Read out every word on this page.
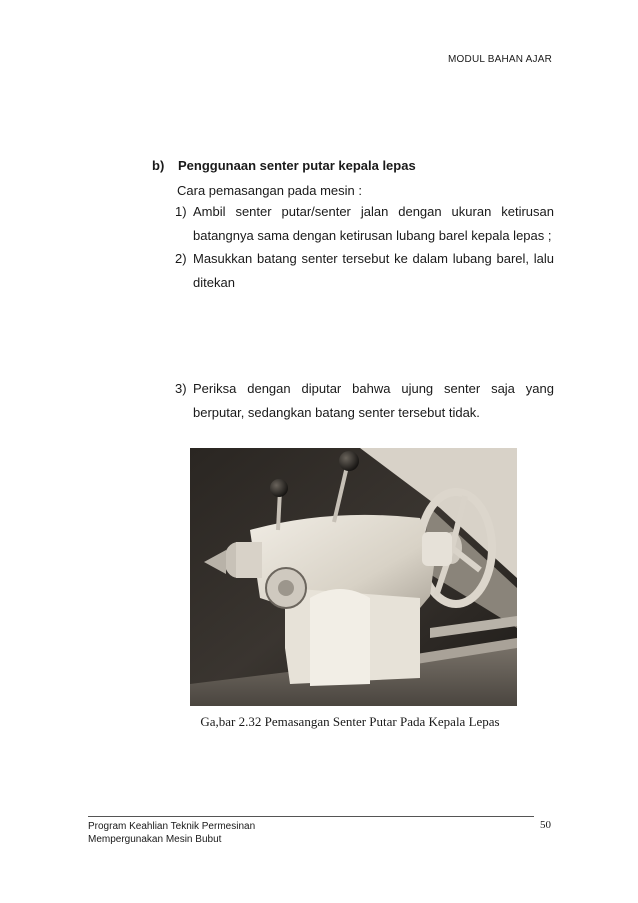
MODUL BAHAN AJAR
b) Penggunaan senter putar kepala lepas
Cara pemasangan pada mesin :
1) Ambil senter putar/senter jalan dengan ukuran ketirusan batangnya sama dengan ketirusan lubang barel kepala lepas ;
2) Masukkan batang senter tersebut ke dalam lubang barel, lalu ditekan
3) Periksa dengan diputar bahwa ujung senter saja yang berputar, sedangkan batang senter tersebut tidak.
Ga,bar 2.32 Pemasangan Senter Putar Pada Kepala Lepas
Program Keahlian Teknik Permesinan
Mempergunakan Mesin Bubut
50
